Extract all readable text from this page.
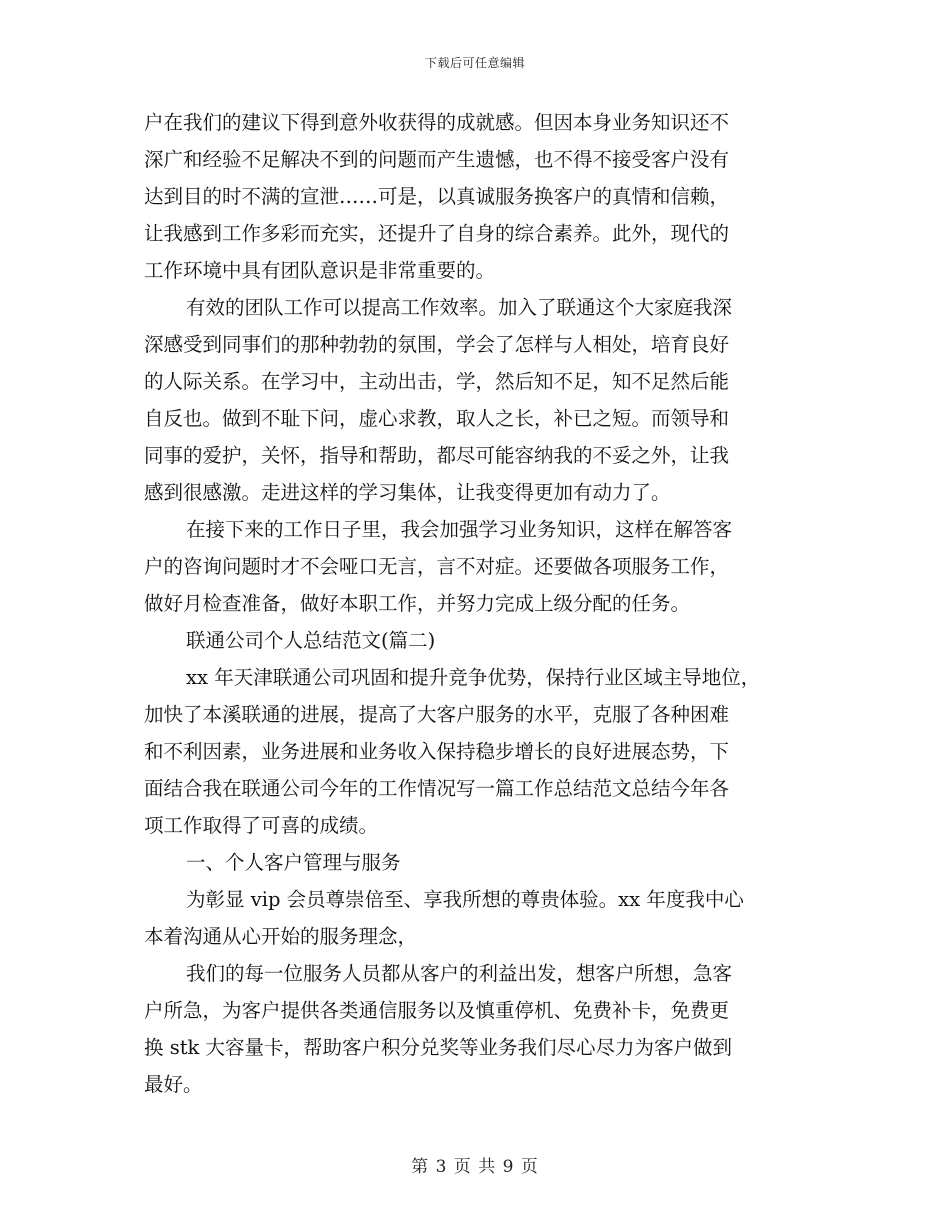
下载后可任意编辑
户在我们的建议下得到意外收获得的成就感。但因本身业务知识还不
深广和经验不足解决不到的问题而产生遗憾，也不得不接受客户没有
达到目的时不满的宣泄……可是，以真诚服务换客户的真情和信赖，
让我感到工作多彩而充实，还提升了自身的综合素养。此外，现代的
工作环境中具有团队意识是非常重要的。
有效的团队工作可以提高工作效率。加入了联通这个大家庭我深
深感受到同事们的那种勃勃的氛围，学会了怎样与人相处，培育良好
的人际关系。在学习中，主动出击，学，然后知不足，知不足然后能
自反也。做到不耻下问，虚心求教，取人之长，补已之短。而领导和
同事的爱护，关怀，指导和帮助，都尽可能容纳我的不妥之外，让我
感到很感激。走进这样的学习集体，让我变得更加有动力了。
在接下来的工作日子里，我会加强学习业务知识，这样在解答客
户的咨询问题时才不会哑口无言，言不对症。还要做各项服务工作，
做好月检查准备，做好本职工作，并努力完成上级分配的任务。
联通公司个人总结范文(篇二)
xx 年天津联通公司巩固和提升竞争优势，保持行业区域主导地位，
加快了本溪联通的进展，提高了大客户服务的水平，克服了各种困难
和不利因素，业务进展和业务收入保持稳步增长的良好进展态势，下
面结合我在联通公司今年的工作情况写一篇工作总结范文总结今年各
项工作取得了可喜的成绩。
一、个人客户管理与服务
为彰显 vip 会员尊崇倍至、享我所想的尊贵体验。xx 年度我中心
本着沟通从心开始的服务理念，
我们的每一位服务人员都从客户的利益出发，想客户所想，急客
户所急，为客户提供各类通信服务以及慎重停机、免费补卡，免费更
换 stk 大容量卡，帮助客户积分兑奖等业务我们尽心尽力为客户做到
最好。
第 3 页 共 9 页
